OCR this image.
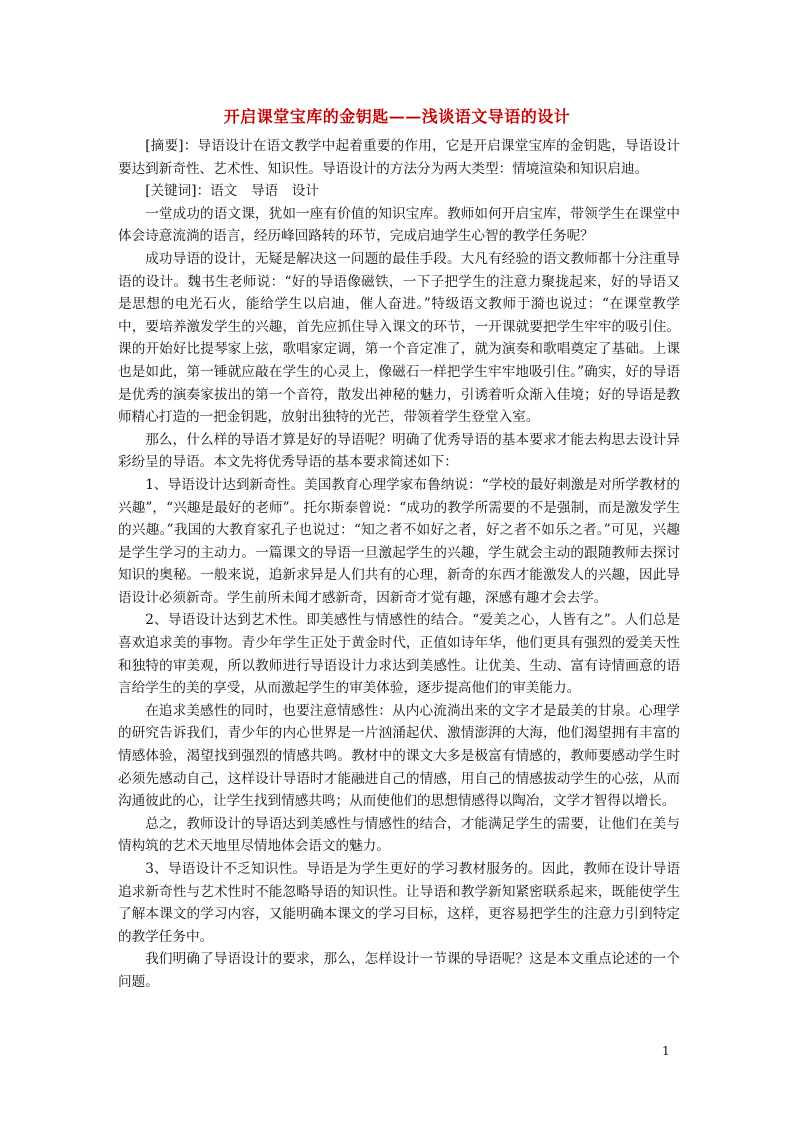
开启课堂宝库的金钥匙——浅谈语文导语的设计

[摘要]：导语设计在语文教学中起着重要的作用，它是开启课堂宝库的金钥匙，导语设计要达到新奇性、艺术性、知识性。导语设计的方法分为两大类型：情境渲染和知识启迪。

[关键词]：语文　导语　设计

一堂成功的语文课，犹如一座有价值的知识宝库。教师如何开启宝库，带领学生在课堂中体会诗意流淌的语言，经历峰回路转的环节，完成启迪学生心智的教学任务呢？

成功导语的设计，无疑是解决这一问题的最佳手段。大凡有经验的语文教师都十分注重导语的设计。魏书生老师说：“好的导语像磁铁，一下子把学生的注意力聚拢起来，好的导语又是思想的电光石火，能给学生以启迪，催人奋进。”特级语文教师于漪也说过：“在课堂教学中，要培养激发学生的兴趣，首先应抓住导入课文的环节，一开课就要把学生牢牢的吸引住。课的开始好比提琴家上弦，歌唱家定调，第一个音定准了，就为演奏和歌唱奠定了基础。上课也是如此，第一锤就应敲在学生的心灵上，像磁石一样把学生牢牢地吸引住。”确实，好的导语是优秀的演奏家拔出的第一个音符，散发出神秘的魅力，引诱着听众渐入佳境；好的导语是教师精心打造的一把金钥匙，放射出独特的光芒，带领着学生登堂入室。

那么，什么样的导语才算是好的导语呢？明确了优秀导语的基本要求才能去构思去设计异彩纷呈的导语。本文先将优秀导语的基本要求简述如下：

1、导语设计达到新奇性。美国教育心理学家布鲁纳说：“学校的最好刺激是对所学教材的兴趣”，“兴趣是最好的老师”。托尔斯泰曾说：“成功的教学所需要的不是强制，而是激发学生的兴趣。”我国的大教育家孔子也说过：“知之者不如好之者，好之者不如乐之者。”可见，兴趣是学生学习的主动力。一篇课文的导语一旦激起学生的兴趣，学生就会主动的跟随教师去探讨知识的奥秘。一般来说，追新求异是人们共有的心理，新奇的东西才能激发人的兴趣，因此导语设计必须新奇。学生前所未闻才感新奇，因新奇才觉有趣，深感有趣才会去学。

2、导语设计达到艺术性。即美感性与情感性的结合。“爱美之心，人皆有之”。人们总是喜欢追求美的事物。青少年学生正处于黄金时代，正值如诗年华，他们更具有强烈的爱美天性和独特的审美观，所以教师进行导语设计力求达到美感性。让优美、生动、富有诗情画意的语言给学生的美的享受，从而激起学生的审美体验，逐步提高他们的审美能力。

在追求美感性的同时，也要注意情感性：从内心流淌出来的文字才是最美的甘泉。心理学的研究告诉我们，青少年的内心世界是一片汹涌起伏、激情澎湃的大海，他们渴望拥有丰富的情感体验，渴望找到强烈的情感共鸣。教材中的课文大多是极富有情感的，教师要感动学生时必须先感动自己，这样设计导语时才能融进自己的情感，用自己的情感拔动学生的心弦，从而沟通彼此的心，让学生找到情感共鸣；从而使他们的思想情感得以陶冶，文学才智得以增长。

总之，教师设计的导语达到美感性与情感性的结合，才能满足学生的需要，让他们在美与情构筑的艺术天地里尽情地体会语文的魅力。

3、导语设计不乏知识性。导语是为学生更好的学习教材服务的。因此，教师在设计导语追求新奇性与艺术性时不能忽略导语的知识性。让导语和教学新知紧密联系起来，既能使学生了解本课文的学习内容，又能明确本课文的学习目标，这样，更容易把学生的注意力引到特定的教学任务中。

我们明确了导语设计的要求，那么，怎样设计一节课的导语呢？这是本文重点论述的一个问题。

1
